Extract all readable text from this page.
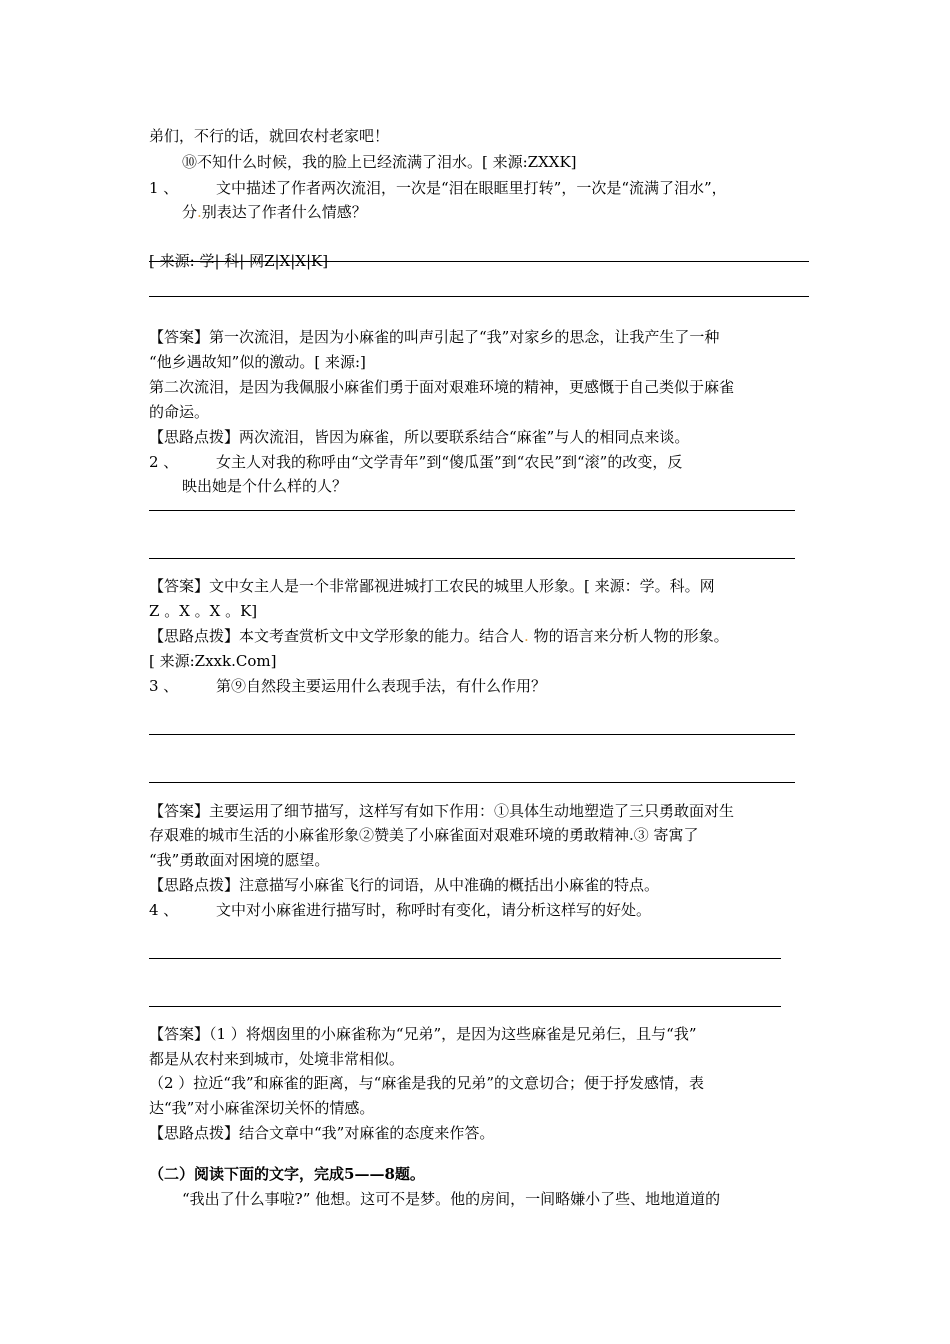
弟们，不行的话，就回农村老家吧！
⑩不知什么时候，我的脸上已经流满了泪水。[ 来源:ZXXK]
1 、	文中描述了作者两次流泪，一次是“泪在眼眶里打转”，一次是“流满了泪水”，
分.别表达了作者什么情感？
[ 来源: 学| 科| 网Z|X|X|K]
【答案】第一次流泪，是因为小麻雀的叫声引起了“我”对家乡的思念，让我产生了一种
“他乡遇故知”似的激动。[ 来源:]
第二次流泪，是因为我佩服小麻雀们勇于面对艰难环境的精神，更感慨于自己类似于麻雀
的命运。
【思路点拨】两次流泪，皆因为麻雀，所以要联系结合“麻雀”与人的相同点来谈。
2 、	女主人对我的称呼由“文学青年”到“傻瓜蛋”到“农民”到“滚”的改变，反
映出她是个什么样的人？
【答案】文中女主人是一个非常鄙视进城打工农民的城里人形象。[ 来源：学。科。网
Z 。X 。X 。K]
【思路点拨】本文考查赏析文中文学形象的能力。结合人. 物的语言来分析人物的形象。
[ 来源:Zxxk.Com]
3 、	第⑨自然段主要运用什么表现手法，有什么作用？
【答案】主要运用了细节描写，这样写有如下作用：①具体生动地塑造了三只勇敢面对生
存艰难的城市生活的小麻雀形象②赞美了小麻雀面对艰难环境的勇敢精神.③ 寄寓了
“我”勇敢面对困境的愿望。
【思路点拨】注意描写小麻雀飞行的词语，从中准确的概括出小麻雀的特点。
4 、	文中对小麻雀进行描写时，称呼时有变化，请分析这样写的好处。
【答案】（1 ）将烟囱里的小麻雀称为“兄弟”，是因为这些麻雀是兄弟仨，且与“我”
都是从农村来到城市，处境非常相似。
（2 ）拉近“我”和麻雀的距离，与“麻雀是我的兄弟”的文意切合；便于抒发感情，表
达“我”对小麻雀深切关怀的情感。
【思路点拨】结合文章中“我”对麻雀的态度来作答。
（二）阅读下面的文字，完成5——8题。
“我出了什么事啦?” 他想。这可不是梦。他的房间，一间略嫌小了些、地地道道的
